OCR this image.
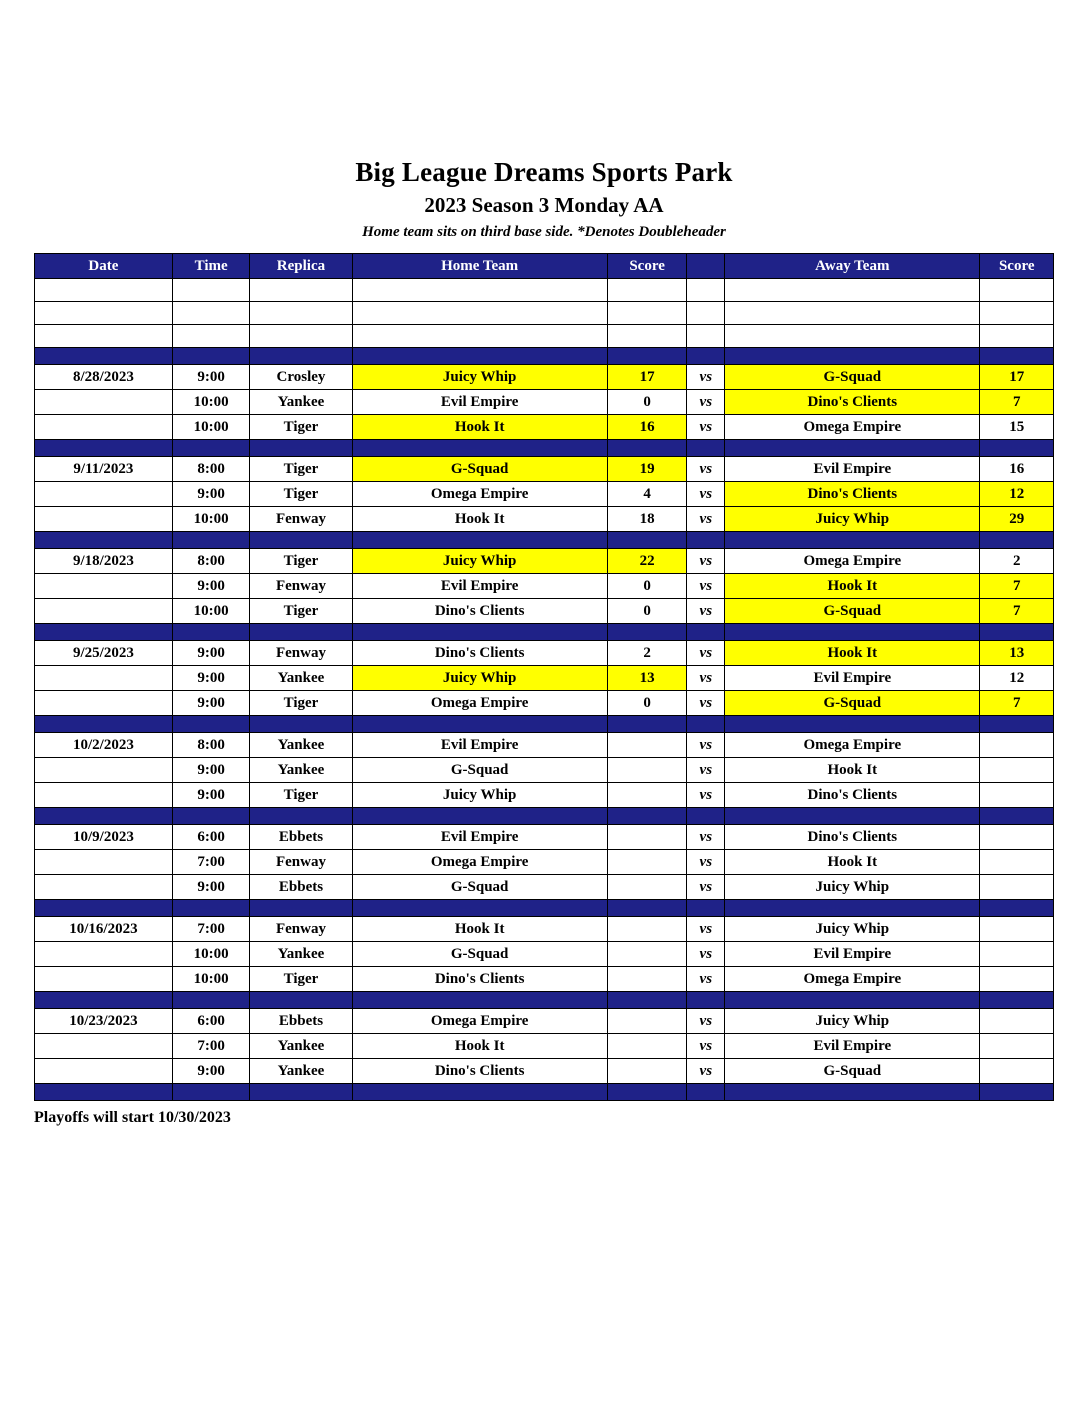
Big League Dreams Sports Park
2023 Season 3 Monday AA
Home team sits on third base side. *Denotes Doubleheader
Date	Time	Replica	Home Team	Score		Away Team	Score

8/28/2023	9:00	Crosley	Juicy Whip	17	vs	G-Squad	17
	10:00	Yankee	Evil Empire	0	vs	Dino's Clients	7
	10:00	Tiger	Hook It	16	vs	Omega Empire	15

9/11/2023	8:00	Tiger	G-Squad	19	vs	Evil Empire	16
	9:00	Tiger	Omega Empire	4	vs	Dino's Clients	12
	10:00	Fenway	Hook It	18	vs	Juicy Whip	29

9/18/2023	8:00	Tiger	Juicy Whip	22	vs	Omega Empire	2
	9:00	Fenway	Evil Empire	0	vs	Hook It	7
	10:00	Tiger	Dino's Clients	0	vs	G-Squad	7

9/25/2023	9:00	Fenway	Dino's Clients	2	vs	Hook It	13
	9:00	Yankee	Juicy Whip	13	vs	Evil Empire	12
	9:00	Tiger	Omega Empire	0	vs	G-Squad	7

10/2/2023	8:00	Yankee	Evil Empire		vs	Omega Empire	
	9:00	Yankee	G-Squad		vs	Hook It	
	9:00	Tiger	Juicy Whip		vs	Dino's Clients	

10/9/2023	6:00	Ebbets	Evil Empire		vs	Dino's Clients	
	7:00	Fenway	Omega Empire		vs	Hook It	
	9:00	Ebbets	G-Squad		vs	Juicy Whip	

10/16/2023	7:00	Fenway	Hook It		vs	Juicy Whip	
	10:00	Yankee	G-Squad		vs	Evil Empire	
	10:00	Tiger	Dino's Clients		vs	Omega Empire	

10/23/2023	6:00	Ebbets	Omega Empire		vs	Juicy Whip	
	7:00	Yankee	Hook It		vs	Evil Empire	
	9:00	Yankee	Dino's Clients		vs	G-Squad	

Playoffs will start 10/30/2023
